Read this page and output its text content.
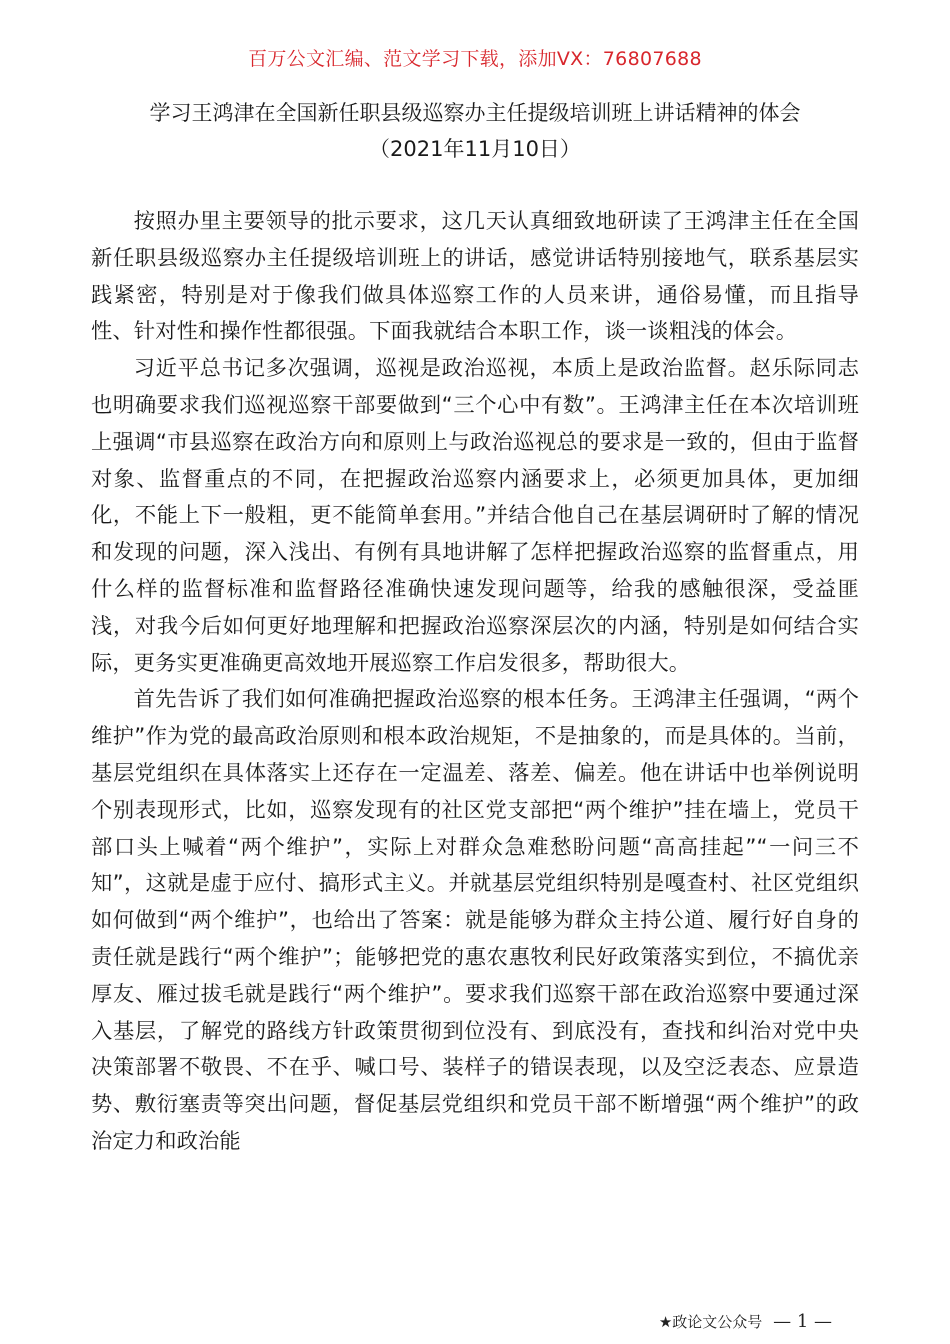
百万公文汇编、范文学习下载，添加VX：76807688
学习王鸿津在全国新任职县级巡察办主任提级培训班上讲话精神的体会
（2021年11月10日）

按照办里主要领导的批示要求，这几天认真细致地研读了王鸿津主任在全国新任职县级巡察办主任提级培训班上的讲话，感觉讲话特别接地气，联系基层实践紧密，特别是对于像我们做具体巡察工作的人员来讲，通俗易懂，而且指导性、针对性和操作性都很强。下面我就结合本职工作，谈一谈粗浅的体会。

习近平总书记多次强调，巡视是政治巡视，本质上是政治监督。赵乐际同志也明确要求我们巡视巡察干部要做到“三个心中有数”。王鸿津主任在本次培训班上强调“市县巡察在政治方向和原则上与政治巡视总的要求是一致的，但由于监督对象、监督重点的不同，在把握政治巡察内涵要求上，必须更加具体，更加细化，不能上下一般粗，更不能简单套用。”并结合他自己在基层调研时了解的情况和发现的问题，深入浅出、有例有具地讲解了怎样把握政治巡察的监督重点，用什么样的监督标准和监督路径准确快速发现问题等，给我的感触很深，受益匪浅，对我今后如何更好地理解和把握政治巡察深层次的内涵，特别是如何结合实际，更务实更准确更高效地开展巡察工作启发很多，帮助很大。

首先告诉了我们如何准确把握政治巡察的根本任务。王鸿津主任强调，“两个维护”作为党的最高政治原则和根本政治规矩，不是抽象的，而是具体的。当前，基层党组织在具体落实上还存在一定温差、落差、偏差。他在讲话中也举例说明个别表现形式，比如，巡察发现有的社区党支部把“两个维护”挂在墙上，党员干部口头上喊着“两个维护”，实际上对群众急难愁盼问题“高高挂起”“一问三不知”，这就是虚于应付、搞形式主义。并就基层党组织特别是嘎查村、社区党组织如何做到“两个维护”，也给出了答案：就是能够为群众主持公道、履行好自身的责任就是践行“两个维护”；能够把党的惠农惠牧利民好政策落实到位，不搞优亲厚友、雁过拔毛就是践行“两个维护”。要求我们巡察干部在政治巡察中要通过深入基层，了解党的路线方针政策贯彻到位没有、到底没有，查找和纠治对党中央决策部署不敬畏、不在乎、喊口号、装样子的错误表现，以及空泛表态、应景造势、敷衍塞责等突出问题，督促基层党组织和党员干部不断增强“两个维护”的政治定力和政治能

★政论文公众号 — 1 —
